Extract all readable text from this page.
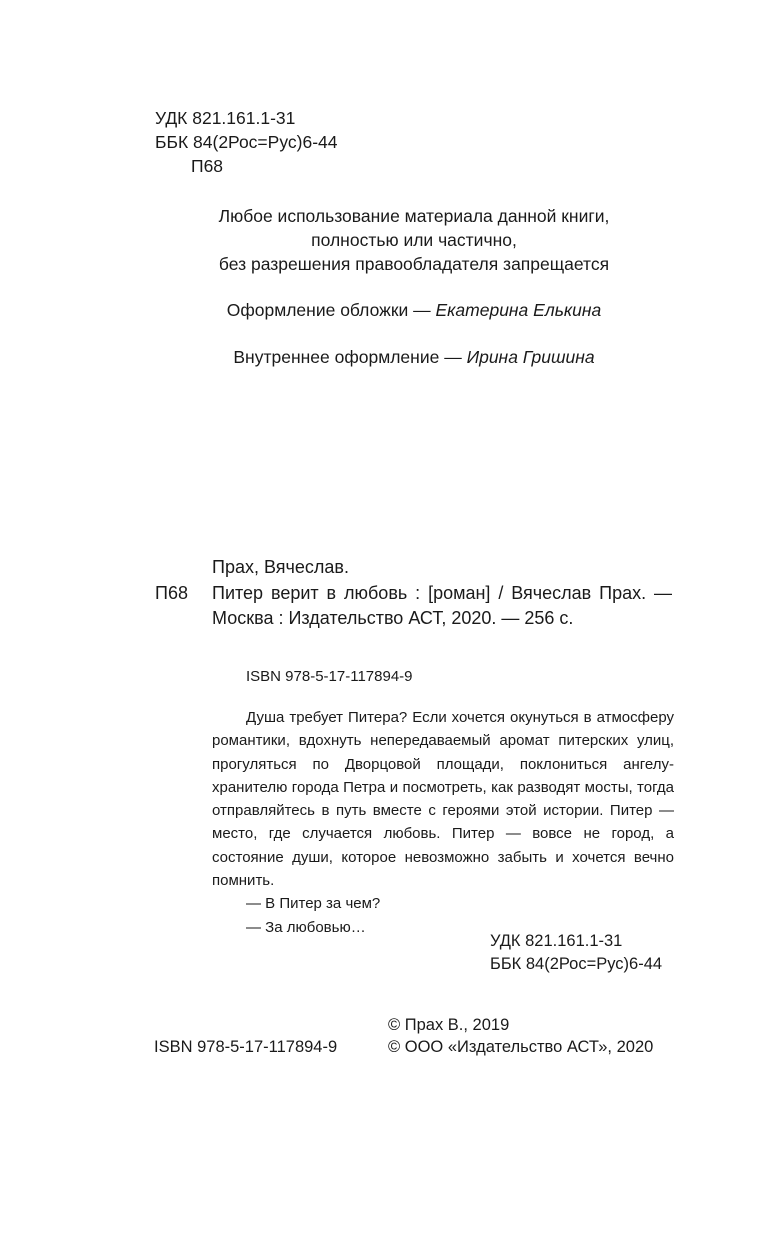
УДК 821.161.1-31
ББК 84(2Рос=Рус)6-44
П68
Любое использование материала данной книги,
полностью или частично,
без разрешения правообладателя запрещается
Оформление обложки — Екатерина Елькина
Внутреннее оформление — Ирина Гришина
Прах, Вячеслав.
П68 Питер верит в любовь : [роман] / Вячеслав Прах. — Москва : Издательство АСТ, 2020. — 256 с.
ISBN 978-5-17-117894-9

Душа требует Питера? Если хочется окунуться в атмосферу романтики, вдохнуть непередаваемый аромат питерских улиц, прогуляться по Дворцовой площади, поклониться ангелу-хранителю города Петра и посмотреть, как разводят мосты, тогда отправляйтесь в путь вместе с героями этой истории. Питер — место, где случается любовь. Питер — вовсе не город, а состояние души, которое невозможно забыть и хочется вечно помнить.

— В Питер за чем?

— За любовью…

УДК 821.161.1-31
ББК 84(2Рос=Рус)6-44
© Прах В., 2019
© ООО «Издательство АСТ», 2020
ISBN 978-5-17-117894-9
